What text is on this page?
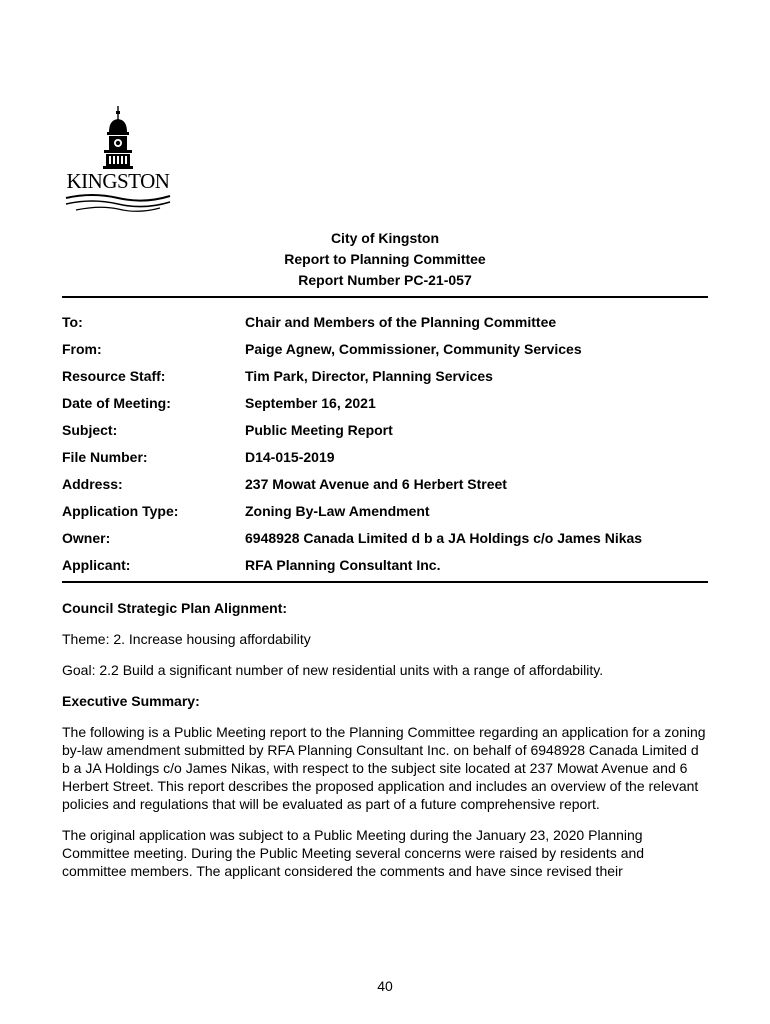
KINGSTON
City of Kingston
Report to Planning Committee
Report Number PC-21-057
To:	Chair and Members of the Planning Committee
From:	Paige Agnew, Commissioner, Community Services
Resource Staff:	Tim Park, Director, Planning Services
Date of Meeting:	September 16, 2021
Subject:	Public Meeting Report
File Number:	D14-015-2019
Address:	237 Mowat Avenue and 6 Herbert Street
Application Type:	Zoning By-Law Amendment
Owner:	6948928 Canada Limited d b a JA Holdings c/o James Nikas
Applicant:	RFA Planning Consultant Inc.
Council Strategic Plan Alignment:

Theme: 2. Increase housing affordability

Goal: 2.2 Build a significant number of new residential units with a range of affordability.

Executive Summary:

The following is a Public Meeting report to the Planning Committee regarding an application for a zoning by-law amendment submitted by RFA Planning Consultant Inc. on behalf of 6948928 Canada Limited d b a JA Holdings c/o James Nikas, with respect to the subject site located at 237 Mowat Avenue and 6 Herbert Street. This report describes the proposed application and includes an overview of the relevant policies and regulations that will be evaluated as part of a future comprehensive report.

The original application was subject to a Public Meeting during the January 23, 2020 Planning Committee meeting. During the Public Meeting several concerns were raised by residents and committee members. The applicant considered the comments and have since revised their

40
